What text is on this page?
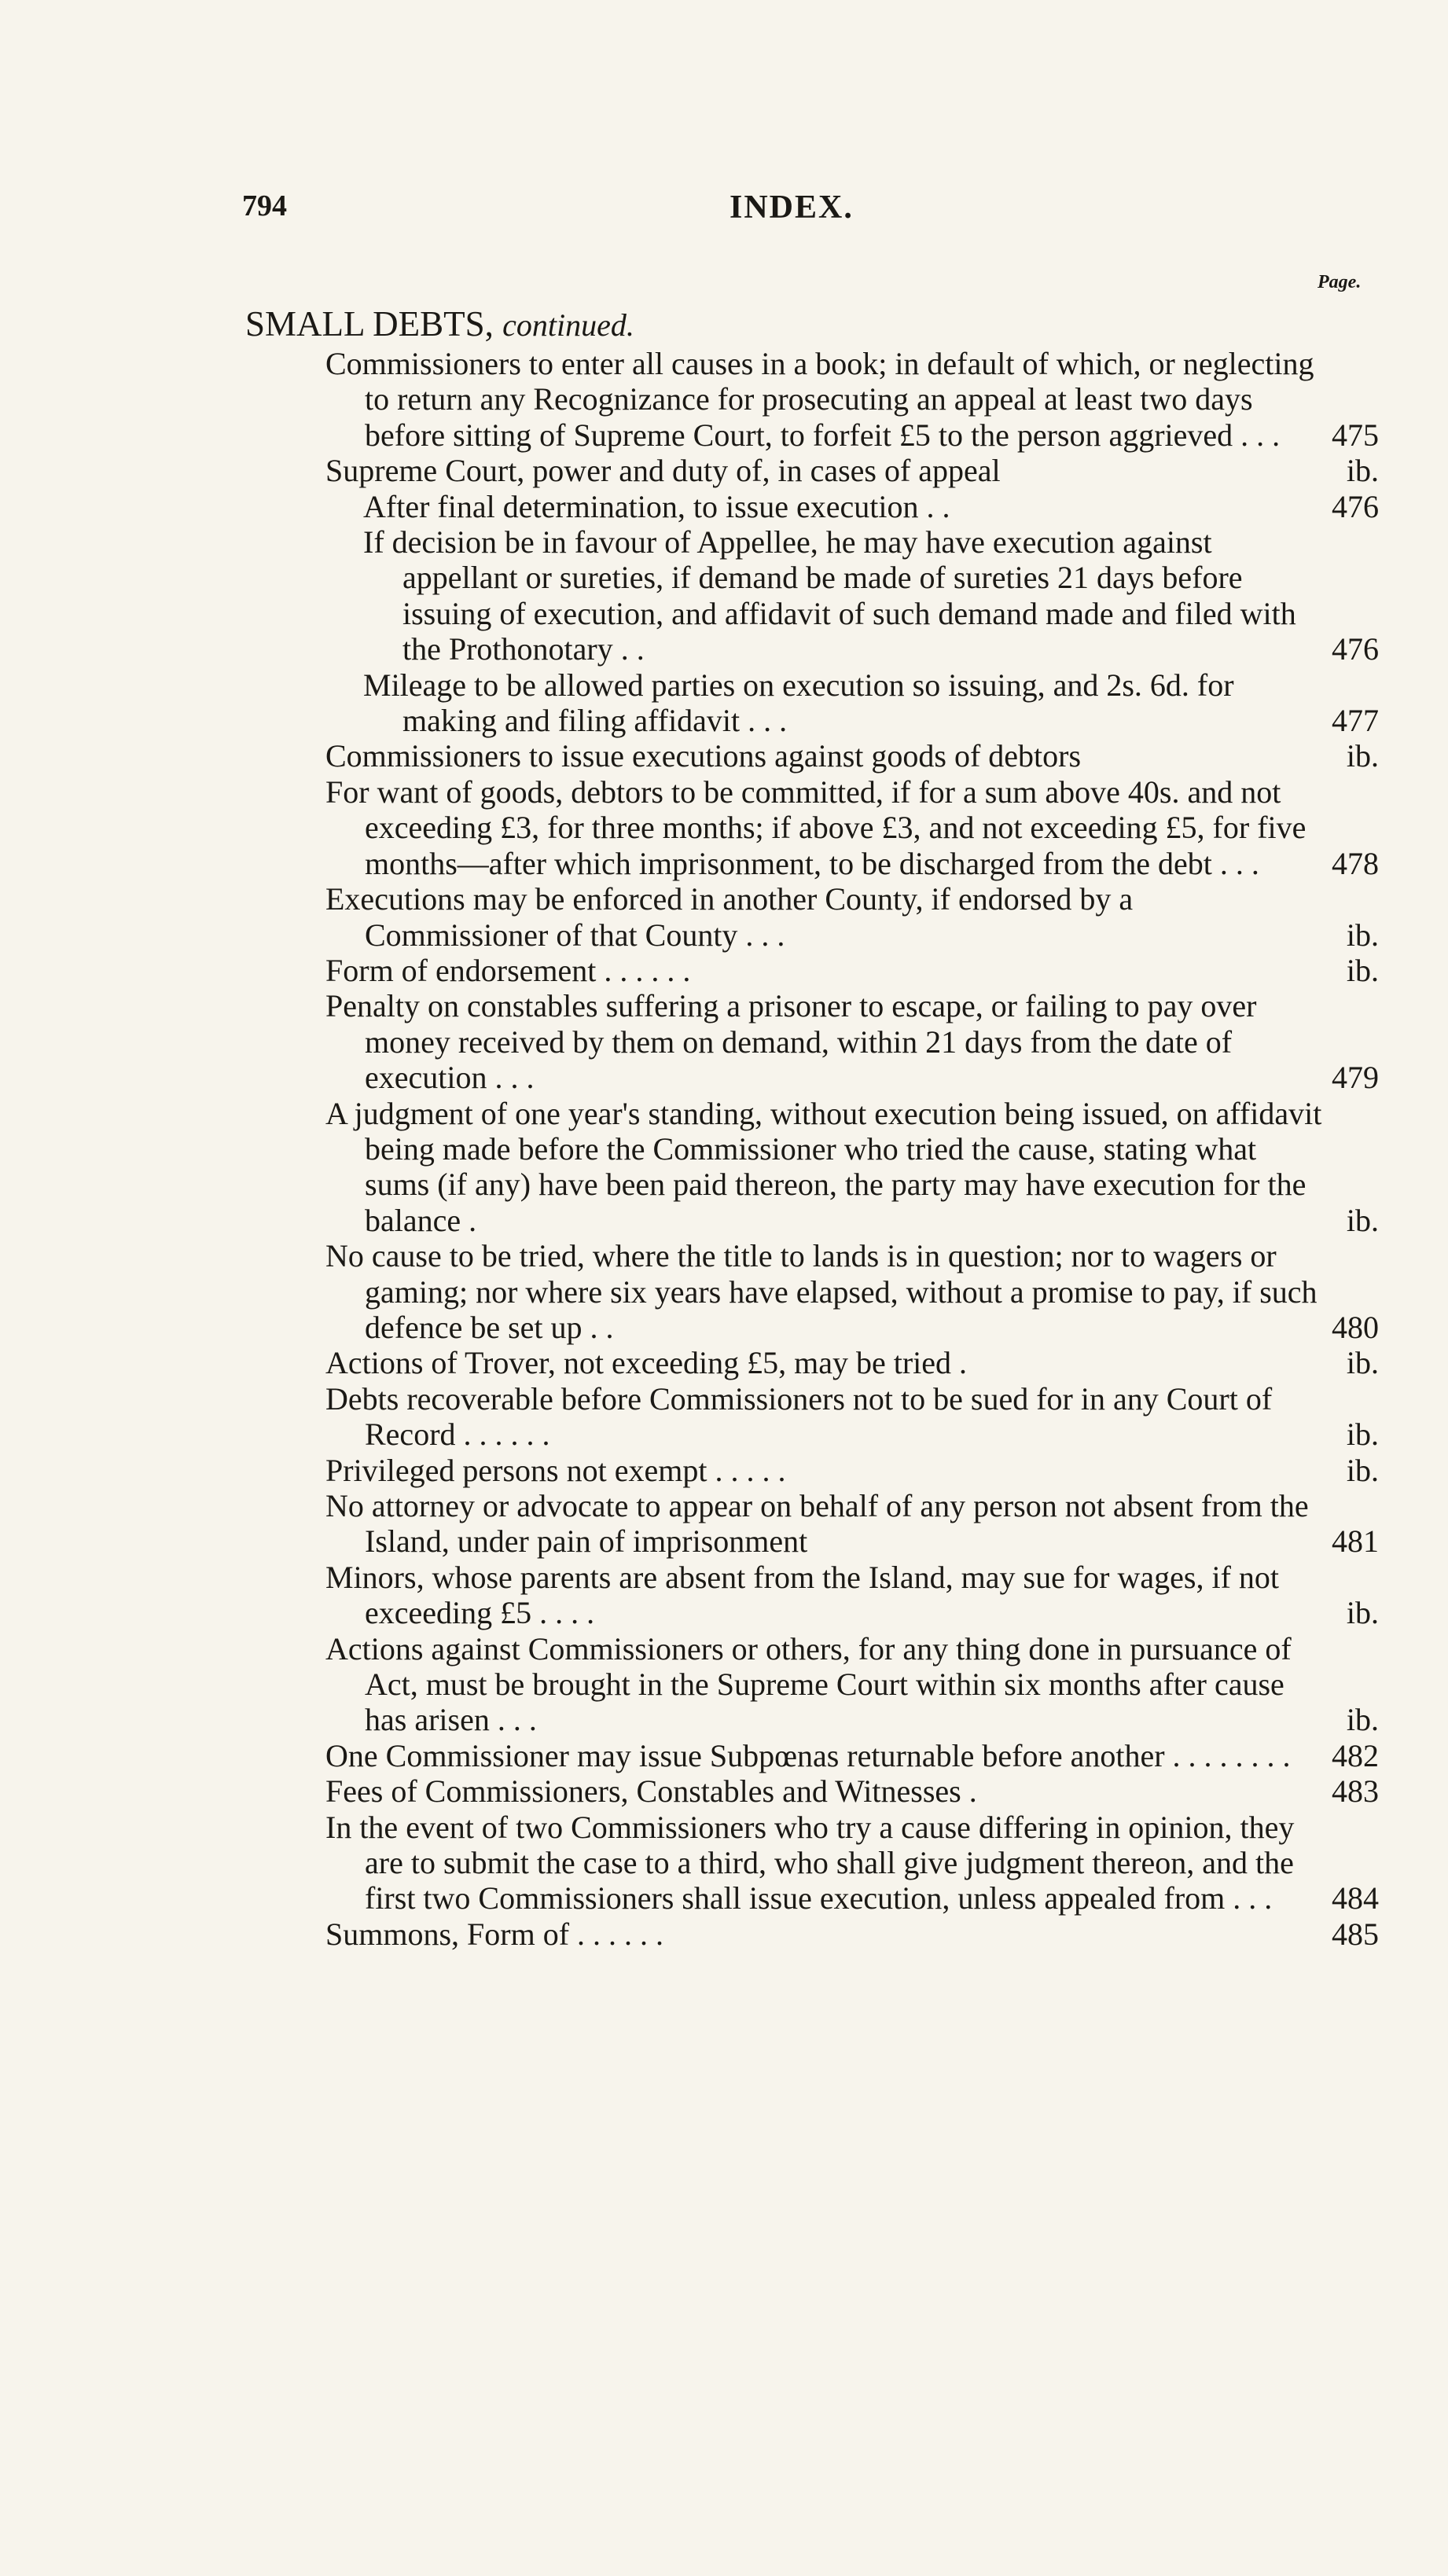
794	INDEX.
Page.
SMALL DEBTS, continued.
Commissioners to enter all causes in a book; in default of which, or neglecting to return any Recognizance for prosecuting an appeal at least two days before sitting of Supreme Court, to forfeit £5 to the person aggrieved . . .	475
Supreme Court, power and duty of, in cases of appeal	ib.
After final determination, to issue execution . .	476
If decision be in favour of Appellee, he may have execution against appellant or sureties, if demand be made of sureties 21 days before issuing of execution, and affidavit of such demand made and filed with the Prothonotary . .	476
Mileage to be allowed parties on execution so issuing, and 2s. 6d. for making and filing affidavit . . .	477
Commissioners to issue executions against goods of debtors	ib.
For want of goods, debtors to be committed, if for a sum above 40s. and not exceeding £3, for three months; if above £3, and not exceeding £5, for five months—after which imprisonment, to be discharged from the debt . . .	478
Executions may be enforced in another County, if endorsed by a Commissioner of that County . . .	ib.
Form of endorsement . . . . . .	ib.
Penalty on constables suffering a prisoner to escape, or failing to pay over money received by them on demand, within 21 days from the date of execution . . .	479
A judgment of one year's standing, without execution being issued, on affidavit being made before the Commissioner who tried the cause, stating what sums (if any) have been paid thereon, the party may have execution for the balance .	ib.
No cause to be tried, where the title to lands is in question; nor to wagers or gaming; nor where six years have elapsed, without a promise to pay, if such defence be set up . .	480
Actions of Trover, not exceeding £5, may be tried .	ib.
Debts recoverable before Commissioners not to be sued for in any Court of Record . . . . . .	ib.
Privileged persons not exempt . . . . .	ib.
No attorney or advocate to appear on behalf of any person not absent from the Island, under pain of imprisonment	481
Minors, whose parents are absent from the Island, may sue for wages, if not exceeding £5 . . . .	ib.
Actions against Commissioners or others, for any thing done in pursuance of Act, must be brought in the Supreme Court within six months after cause has arisen . . .	ib.
One Commissioner may issue Subpœnas returnable before another . . . . . . . .	482
Fees of Commissioners, Constables and Witnesses .	483
In the event of two Commissioners who try a cause differing in opinion, they are to submit the case to a third, who shall give judgment thereon, and the first two Commissioners shall issue execution, unless appealed from . . .	484
Summons, Form of . . . . . .	485
